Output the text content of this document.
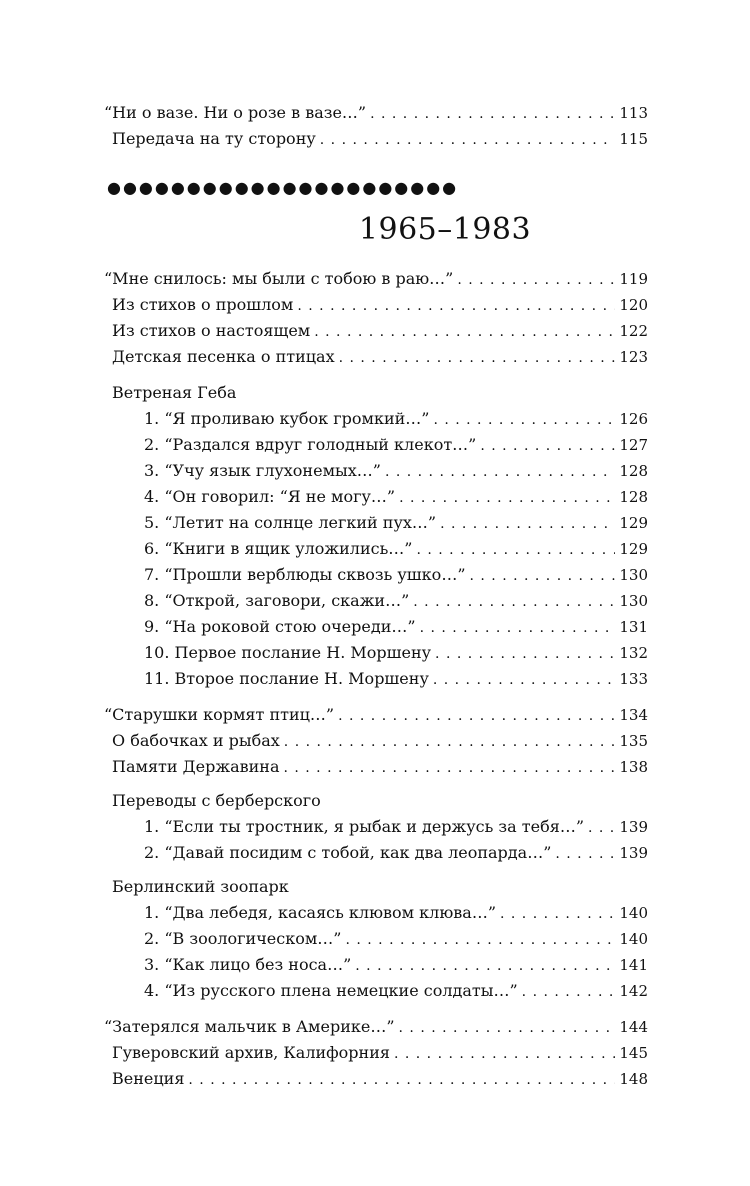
“Ни о вазе. Ни о розе в вазе…” . . .	113
Передача на ту сторону . . .	115
●●●●●●●●●●●●●●●●●●●●●●
1965–1983
“Мне снилось: мы были с тобою в раю…” . . .	119
Из стихов о прошлом . . .	120
Из стихов о настоящем . . .	122
Детская песенка о птицах . . .	123
Ветреная Геба
1. “Я проливаю кубок громкий…” . . .	126
2. “Раздался вдруг голодный клекот…” . . .	127
3. “Учу язык глухонемых…” . . .	128
4. “Он говорил: “Я не могу…” . . .	128
5. “Летит на солнце легкий пух…” . . .	129
6. “Книги в ящик уложились…” . . .	129
7. “Прошли верблюды сквозь ушко…” . . .	130
8. “Открой, заговори, скажи…” . . .	130
9. “На роковой стою очереди…” . . .	131
10. Первое послание Н. Моршену . . .	132
11. Второе послание Н. Моршену . . .	133
“Старушки кормят птиц…” . . .	134
О бабочках и рыбах . . .	135
Памяти Державина . . .	138
Переводы с берберского
1. “Если ты тростник, я рыбак и держусь за тебя…” . . . 139
2. “Давай посидим с тобой, как два леопарда…” . . .	139
Берлинский зоопарк
1. “Два лебедя, касаясь клювом клюва…” . . .	140
2. “В зоологическом…” . . .	140
3. “Как лицо без носа…” . . .	141
4. “Из русского плена немецкие солдаты…” . . .	142
“Затерялся мальчик в Америке…” . . .	144
Гуверовский архив, Калифорния . . .	145
Венеция . . .	148
